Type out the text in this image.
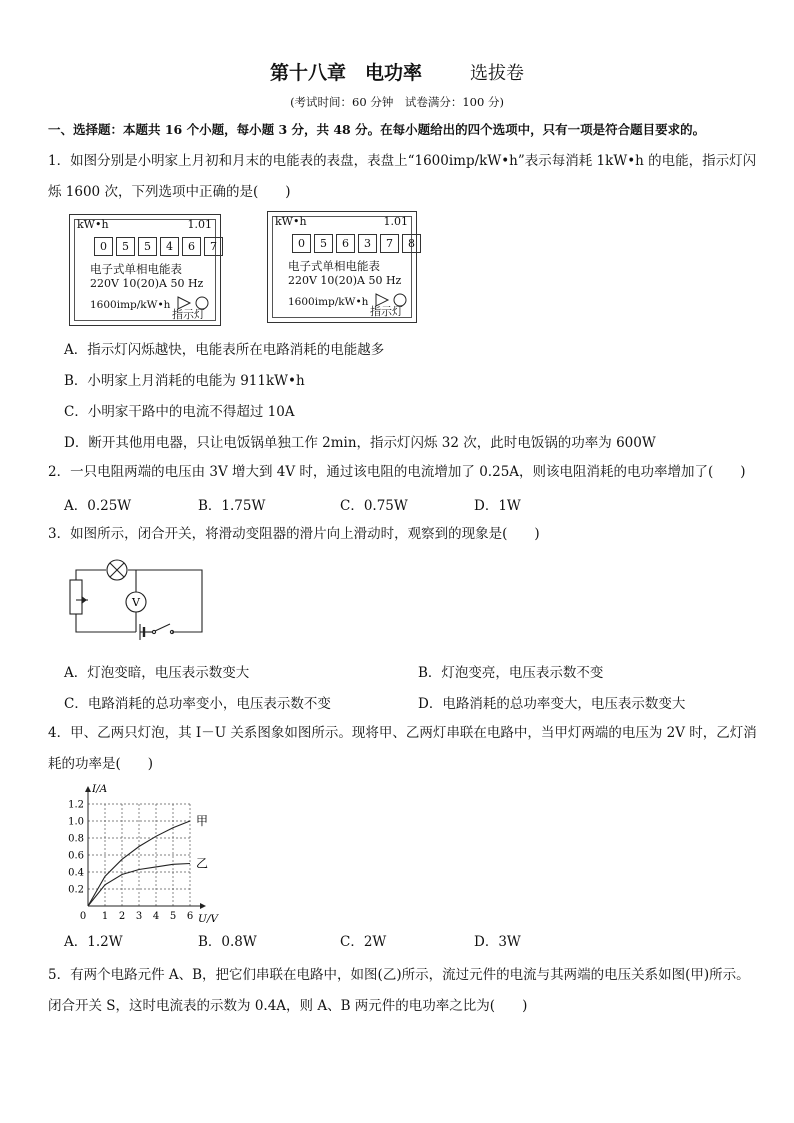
第十八章　电功率	选拔卷
(考试时间：60 分钟　试卷满分：100 分)
一、选择题：本题共 16 个小题，每小题 3 分，共 48 分。在每小题给出的四个选项中，只有一项是符合题目要求的。
1．如图分别是小明家上月初和月末的电能表的表盘，表盘上“1600imp/kW•h”表示每消耗 1kW•h 的电能，指示灯闪烁 1600 次，下列选项中正确的是(　　)
kW•h	1.01
0	5	5	4	6	7
电子式单相电能表
220V 10(20)A 50 Hz
1600imp/kW•h
指示灯
kW•h	1.01
0	5	6	3	7	8
电子式单相电能表
220V 10(20)A 50 Hz
1600imp/kW•h
指示灯
A．指示灯闪烁越快，电能表所在电路消耗的电能越多
B．小明家上月消耗的电能为 911kW•h
C．小明家干路中的电流不得超过 10A
D．断开其他用电器，只让电饭锅单独工作 2min，指示灯闪烁 32 次，此时电饭锅的功率为 600W
2．一只电阻两端的电压由 3V 增大到 4V 时，通过该电阻的电流增加了 0.25A，则该电阻消耗的电功率增加了(　　)
A．0.25W	B．1.75W	C．0.75W	D．1W
3．如图所示，闭合开关，将滑动变阻器的滑片向上滑动时，观察到的现象是(　　)
V
A．灯泡变暗，电压表示数变大	B．灯泡变亮，电压表示数不变
C．电路消耗的总功率变小，电压表示数不变	D．电路消耗的总功率变大，电压表示数变大
4．甲、乙两只灯泡，其 I－U 关系图象如图所示。现将甲、乙两灯串联在电路中，当甲灯两端的电压为 2V 时，乙灯消耗的功率是(　　)
甲
乙
0 1 2 3 4 5 6
0.2
0.4
0.6
0.8
1.0
1.2
U/V
I/A
A．1.2W	B．0.8W	C．2W	D．3W
5．有两个电路元件 A、B，把它们串联在电路中，如图(乙)所示，流过元件的电流与其两端的电压关系如图(甲)所示。闭合开关 S，这时电流表的示数为 0.4A，则 A、B 两元件的电功率之比为(　　)
